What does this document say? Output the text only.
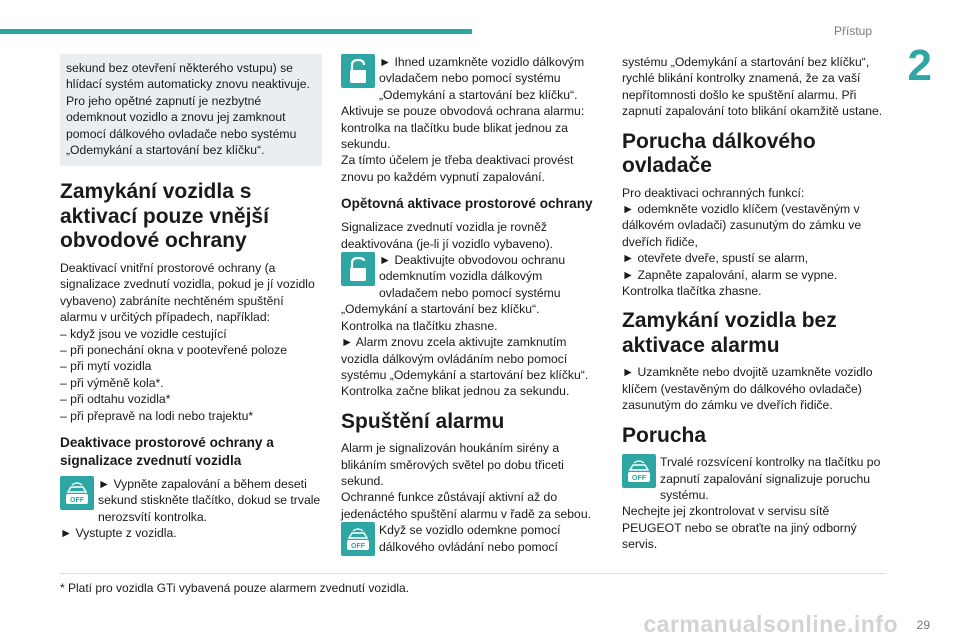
Přístup
2

sekund bez otevření některého vstupu) se hlídací systém automaticky znovu neaktivuje. Pro jeho opětné zapnutí je nezbytné odemknout vozidlo a znovu jej zamknout pomocí dálkového ovladače nebo systému „Odemykání a startování bez klíčku“.

Zamykání vozidla s aktivací pouze vnější obvodové ochrany

Deaktivací vnitřní prostorové ochrany (a signalizace zvednutí vozidla, pokud je jí vozidlo vybaveno) zabráníte nechtěném spuštění alarmu v určitých případech, například:

– když jsou ve vozidle cestující

– při ponechání okna v pootevřené poloze

– při mytí vozidla

– při výměně kola*.

– při odtahu vozidla*

– při přepravě na lodi nebo trajektu*

Deaktivace prostorové ochrany a signalizace zvednutí vozidla
OFF

► Vypněte zapalování a během deseti sekund stiskněte tlačítko, dokud se trvale nerozsvítí kontrolka.

► Vystupte z vozidla.

► Ihned uzamkněte vozidlo dálkovým ovladačem nebo pomocí systému „Odemykání a startování bez klíčku“.

Aktivuje se pouze obvodová ochrana alarmu: kontrolka na tlačítku bude blikat jednou za sekundu.

Za tímto účelem je třeba deaktivaci provést znovu po každém vypnutí zapalování.

Opětovná aktivace prostorové ochrany

Signalizace zvednutí vozidla je rovněž deaktivována (je-li jí vozidlo vybaveno).

► Deaktivujte obvodovou ochranu odemknutím vozidla dálkovým ovladačem nebo pomocí systému „Odemykání a startování bez klíčku“.

Kontrolka na tlačítku zhasne.

► Alarm znovu zcela aktivujte zamknutím vozidla dálkovým ovládáním nebo pomocí systému „Odemykání a startování bez klíčku“.

Kontrolka začne blikat jednou za sekundu.

Spuštění alarmu

Alarm je signalizován houkáním sirény a blikáním směrových světel po dobu třiceti sekund.

Ochranné funkce zůstávají aktivní až do jedenáctého spuštění alarmu v řadě za sebou.

OFF

Když se vozidlo odemkne pomocí dálkového ovládání nebo pomocí

systému „Odemykání a startování bez klíčku“, rychlé blikání kontrolky znamená, že za vaší nepřítomnosti došlo ke spuštění alarmu. Při zapnutí zapalování toto blikání okamžitě ustane.

Porucha dálkového ovladače

Pro deaktivaci ochranných funkcí:

► odemkněte vozidlo klíčem (vestavěným v dálkovém ovladači) zasunutým do zámku ve dveřích řidiče,

► otevřete dveře, spustí se alarm,

► Zapněte zapalování, alarm se vypne.

Kontrolka tlačítka zhasne.

Zamykání vozidla bez aktivace alarmu

► Uzamkněte nebo dvojitě uzamkněte vozidlo klíčem (vestavěným do dálkového ovladače) zasunutým do zámku ve dveřích řidiče.

Porucha
OFF

Trvalé rozsvícení kontrolky na tlačítku po zapnutí zapalování signalizuje poruchu systému.

Nechejte jej zkontrolovat v servisu sítě PEUGEOT nebo se obraťte na jiný odborný servis.

* Platí pro vozidla GTi vybavená pouze alarmem zvednutí vozidla.
carmanualsonline.info 29
